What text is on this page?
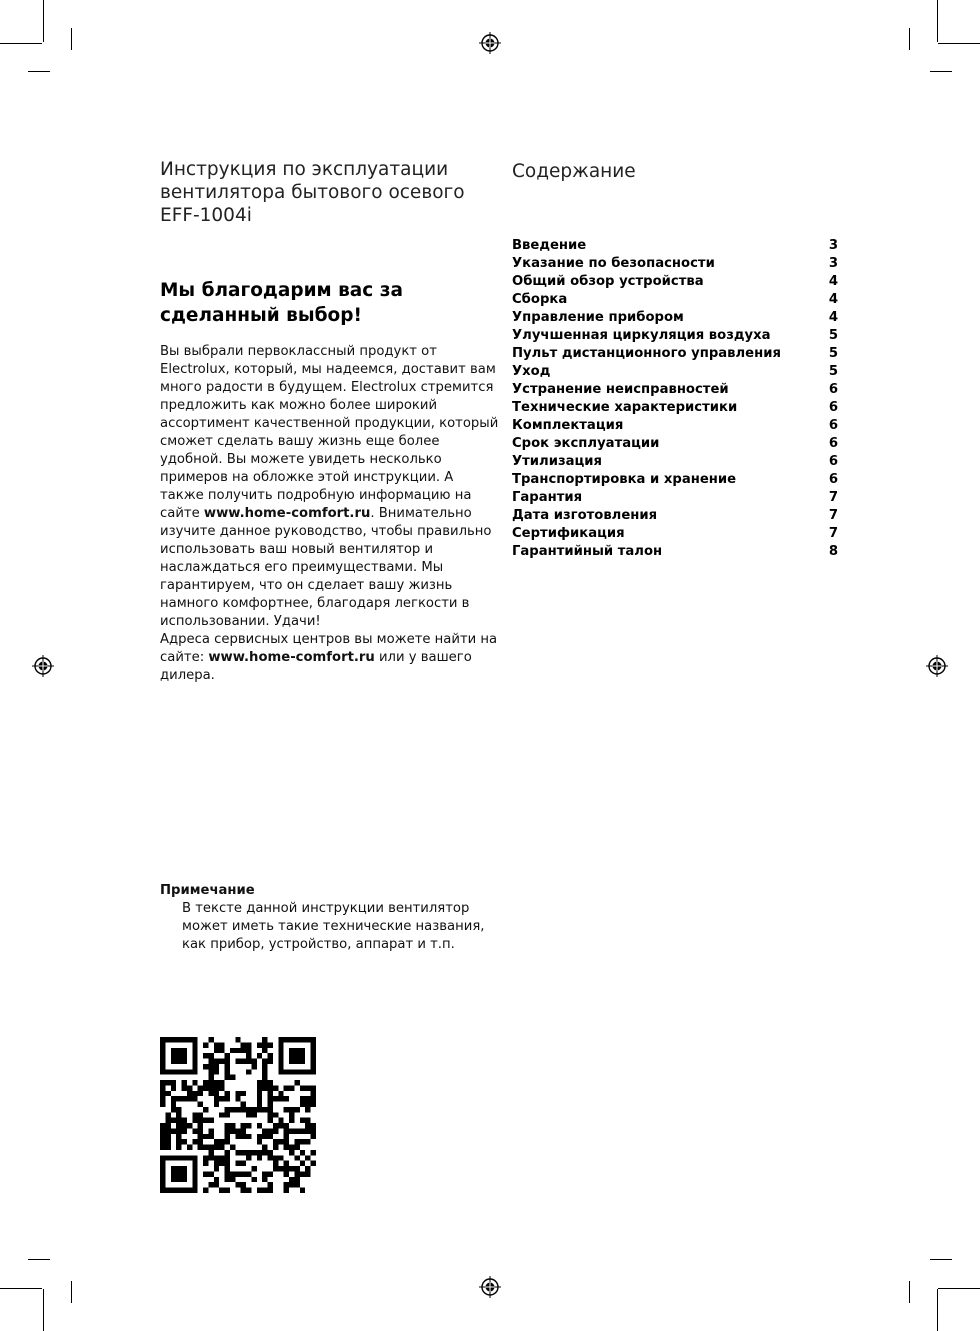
Инструкция по эксплуатации
вентилятора бытового осевого
EFF-1004i
Мы благодарим вас за
сделанный выбор!

Вы выбрали первоклассный продукт от Electrolux, который, мы надеемся, доставит вам много радости в будущем. Electrolux стремится предложить как можно более широкий ассортимент качественной продукции, который сможет сделать вашу жизнь еще более удобной. Вы можете увидеть несколько примеров на обложке этой инструкции. А также получить подробную информацию на сайте www.home-comfort.ru. Внимательно изучите данное руководство, чтобы правильно использовать ваш новый вентилятор и наслаждаться его преимуществами. Мы гарантируем, что он сделает вашу жизнь намного комфортнее, благодаря легкости в использовании. Удачи!

Адреса сервисных центров вы можете найти на сайте: www.home-comfort.ru или у вашего дилера.

Примечание
В тексте данной инструкции вентилятор может иметь такие технические названия, как прибор, устройство, аппарат и т.п.
Содержание
Введение	3
Указание по безопасности	3
Общий обзор устройства	4
Сборка	4
Управление прибором	4
Улучшенная циркуляция воздуха	5
Пульт дистанционного управления	5
Уход	5
Устранение неисправностей	6
Технические характеристики	6
Комплектация	6
Срок эксплуатации	6
Утилизация	6
Транспортировка и хранение	6
Гарантия	7
Дата изготовления	7
Сертификация	7
Гарантийный талон	8
